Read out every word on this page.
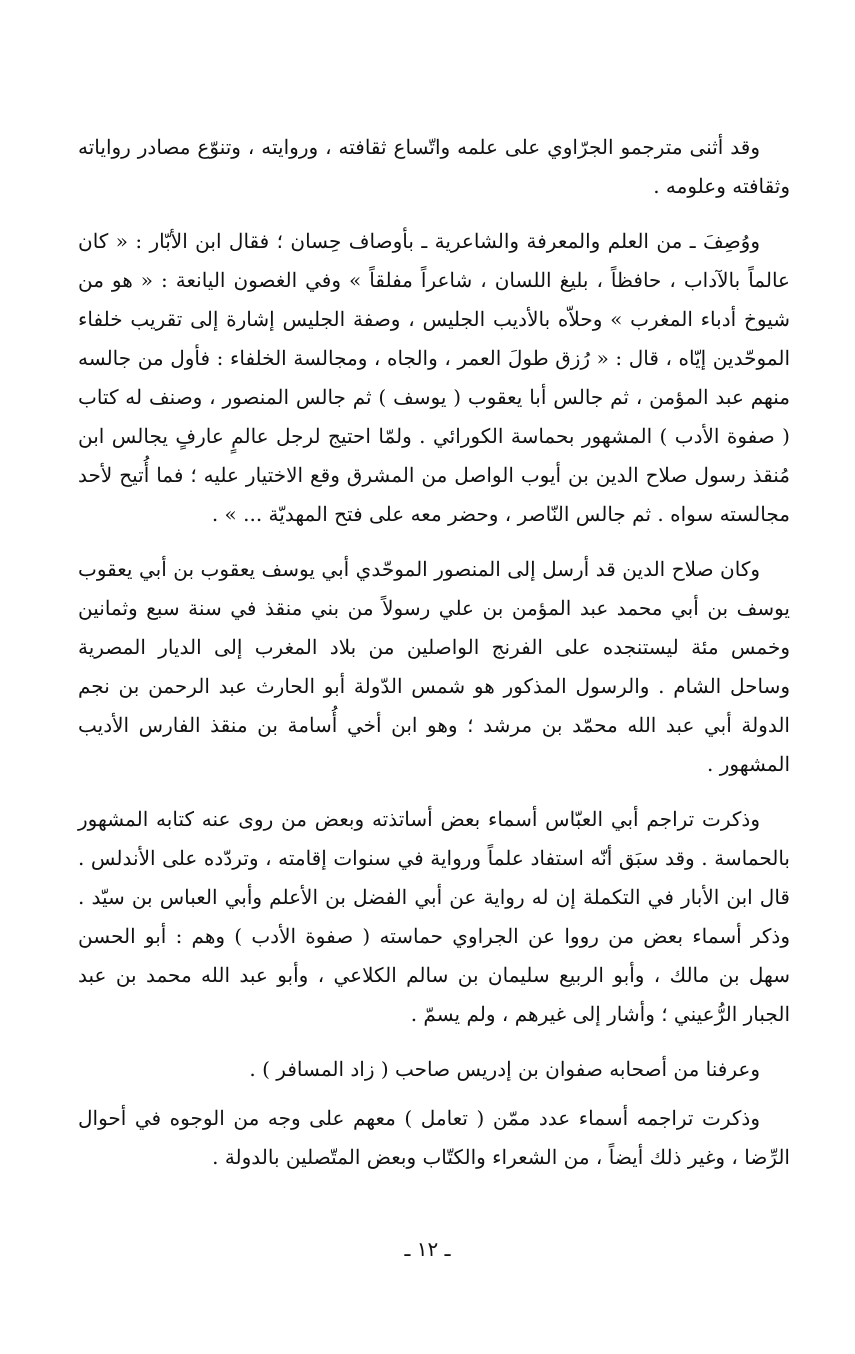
وقد أثنى مترجمو الجرّاوي على علمه واتّساع ثقافته ، وروايته ، وتنوّع مصادر رواياته وثقافته وعلومه .

ووُصِفَ ـ من العلم والمعرفة والشاعرية ـ بأوصاف حِسان ؛ فقال ابن الأبّار : « كان عالماً بالآداب ، حافظاً ، بليغ اللسان ، شاعراً مفلقاً » وفي الغصون اليانعة : « هو من شيوخ أدباء المغرب » وحلاّه بالأديب الجليس ، وصفة الجليس إشارة إلى تقريب خلفاء الموحّدين إيّاه ، قال : « رُزق طولَ العمر ، والجاه ، ومجالسة الخلفاء : فأول من جالسه منهم عبد المؤمن ، ثم جالس أبا يعقوب ( يوسف ) ثم جالس المنصور ، وصنف له كتاب ( صفوة الأدب ) المشهور بحماسة الكورائي . ولمّا احتيج لرجل عالمٍ عارفٍ يجالس ابن مُنقذ رسول صلاح الدين بن أيوب الواصل من المشرق وقع الاختيار عليه ؛ فما أُتيح لأحد مجالسته سواه . ثم جالس النّاصر ، وحضر معه على فتح المهديّة ... » .

وكان صلاح الدين قد أرسل إلى المنصور الموحّدي أبي يوسف يعقوب بن أبي يعقوب يوسف بن أبي محمد عبد المؤمن بن علي رسولاً من بني منقذ في سنة سبع وثمانين وخمس مئة ليستنجده على الفرنج الواصلين من بلاد المغرب إلى الديار المصرية وساحل الشام . والرسول المذكور هو شمس الدّولة أبو الحارث عبد الرحمن بن نجم الدولة أبي عبد الله محمّد بن مرشد ؛ وهو ابن أخي أُسامة بن منقذ الفارس الأديب المشهور .

وذكرت تراجم أبي العبّاس أسماء بعض أساتذته وبعض من روى عنه كتابه المشهور بالحماسة . وقد سبَق أنّه استفاد علماً ورواية في سنوات إقامته ، وتردّده على الأندلس . قال ابن الأبار في التكملة إن له رواية عن أبي الفضل بن الأعلم وأبي العباس بن سيّد . وذكر أسماء بعض من رووا عن الجراوي حماسته ( صفوة الأدب ) وهم : أبو الحسن سهل بن مالك ، وأبو الربيع سليمان بن سالم الكلاعي ، وأبو عبد الله محمد بن عبد الجبار الرُّعيني ؛ وأشار إلى غيرهم ، ولم يسمّ .

وعرفنا من أصحابه صفوان بن إدريس صاحب ( زاد المسافر ) .

وذكرت تراجمه أسماء عدد ممّن ( تعامل ) معهم على وجه من الوجوه في أحوال الرِّضا ، وغير ذلك أيضاً ، من الشعراء والكتّاب وبعض المتّصلين بالدولة .

ـ ١٢ ـ
